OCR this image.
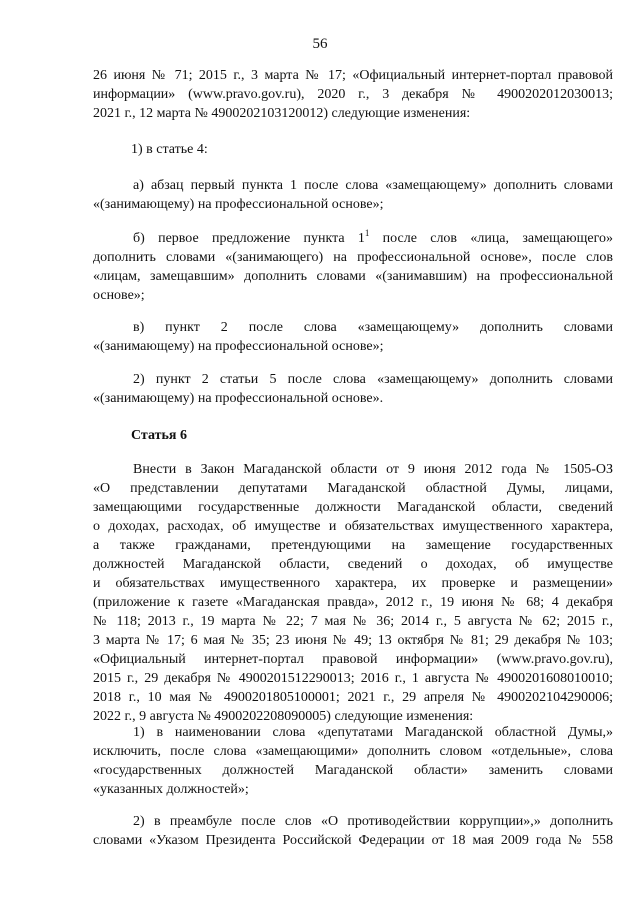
56
26 июня № 71; 2015 г., 3 марта № 17; «Официальный интернет-портал правовой
информации» (www.pravo.gov.ru), 2020 г., 3 декабря № 4900202012030013;
2021 г., 12 марта № 4900202103120012) следующие изменения:
1) в статье 4:
а) абзац первый пункта 1 после слова «замещающему» дополнить словами
«(занимающему) на профессиональной основе»;
б) первое предложение пункта $1^1$ после слов «лица, замещающего»
дополнить словами «(занимающего) на профессиональной основе», после слов
«лицам, замещавшим» дополнить словами «(занимавшим) на профессиональной
основе»;
в) пункт 2 после слова «замещающему» дополнить словами
«(занимающему) на профессиональной основе»;
2) пункт 2 статьи 5 после слова «замещающему» дополнить словами
«(занимающему) на профессиональной основе».
Статья 6
Внести в Закон Магаданской области от 9 июня 2012 года № 1505-ОЗ
«О представлении депутатами Магаданской областной Думы, лицами,
замещающими государственные должности Магаданской области, сведений
о доходах, расходах, об имуществе и обязательствах имущественного характера,
а также гражданами, претендующими на замещение государственных
должностей Магаданской области, сведений о доходах, об имуществе
и обязательствах имущественного характера, их проверке и размещении»
(приложение к газете «Магаданская правда», 2012 г., 19 июня № 68; 4 декабря
№ 118; 2013 г., 19 марта № 22; 7 мая № 36; 2014 г., 5 августа № 62; 2015 г.,
3 марта № 17; 6 мая № 35; 23 июня № 49; 13 октября № 81; 29 декабря № 103;
«Официальный интернет-портал правовой информации» (www.pravo.gov.ru),
2015 г., 29 декабря № 4900201512290013; 2016 г., 1 августа № 4900201608010010;
2018 г., 10 мая № 4900201805100001; 2021 г., 29 апреля № 4900202104290006;
2022 г., 9 августа № 4900202208090005) следующие изменения:
1) в наименовании слова «депутатами Магаданской областной Думы,»
исключить, после слова «замещающими» дополнить словом «отдельные», слова
«государственных должностей Магаданской области» заменить словами
«указанных должностей»;
2) в преамбуле после слов «О противодействии коррупции»,» дополнить
словами «Указом Президента Российской Федерации от 18 мая 2009 года № 558
